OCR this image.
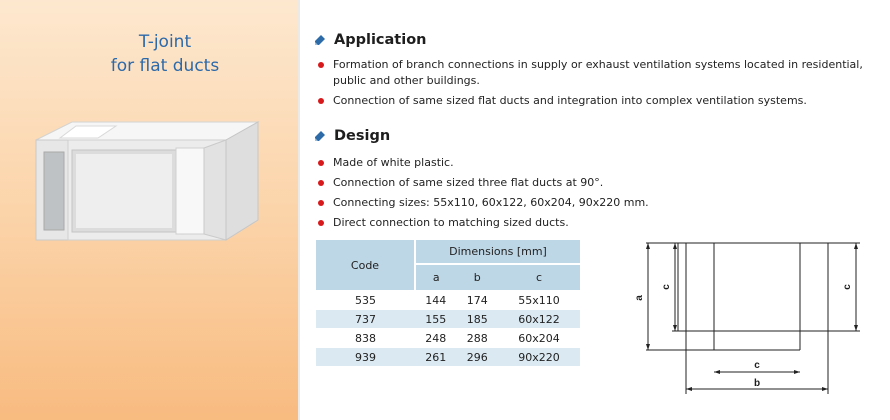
T-joint
for flat ducts
Application
Formation of branch connections in supply or exhaust ventilation systems located in residential, public and other buildings.
Connection of same sized flat ducts and integration into complex ventilation systems.
Design
Made of white plastic.
Connection of same sized three flat ducts at 90°.
Connecting sizes: 55x110, 60x122, 60x204, 90x220 mm.
Direct connection to matching sized ducts.
Code	Dimensions [mm]		
	a	b	c
535	144	174	55x110
737	155	185	60x122
838	248	288	60x204
939	261	296	90x220
a
c	c
c
b
